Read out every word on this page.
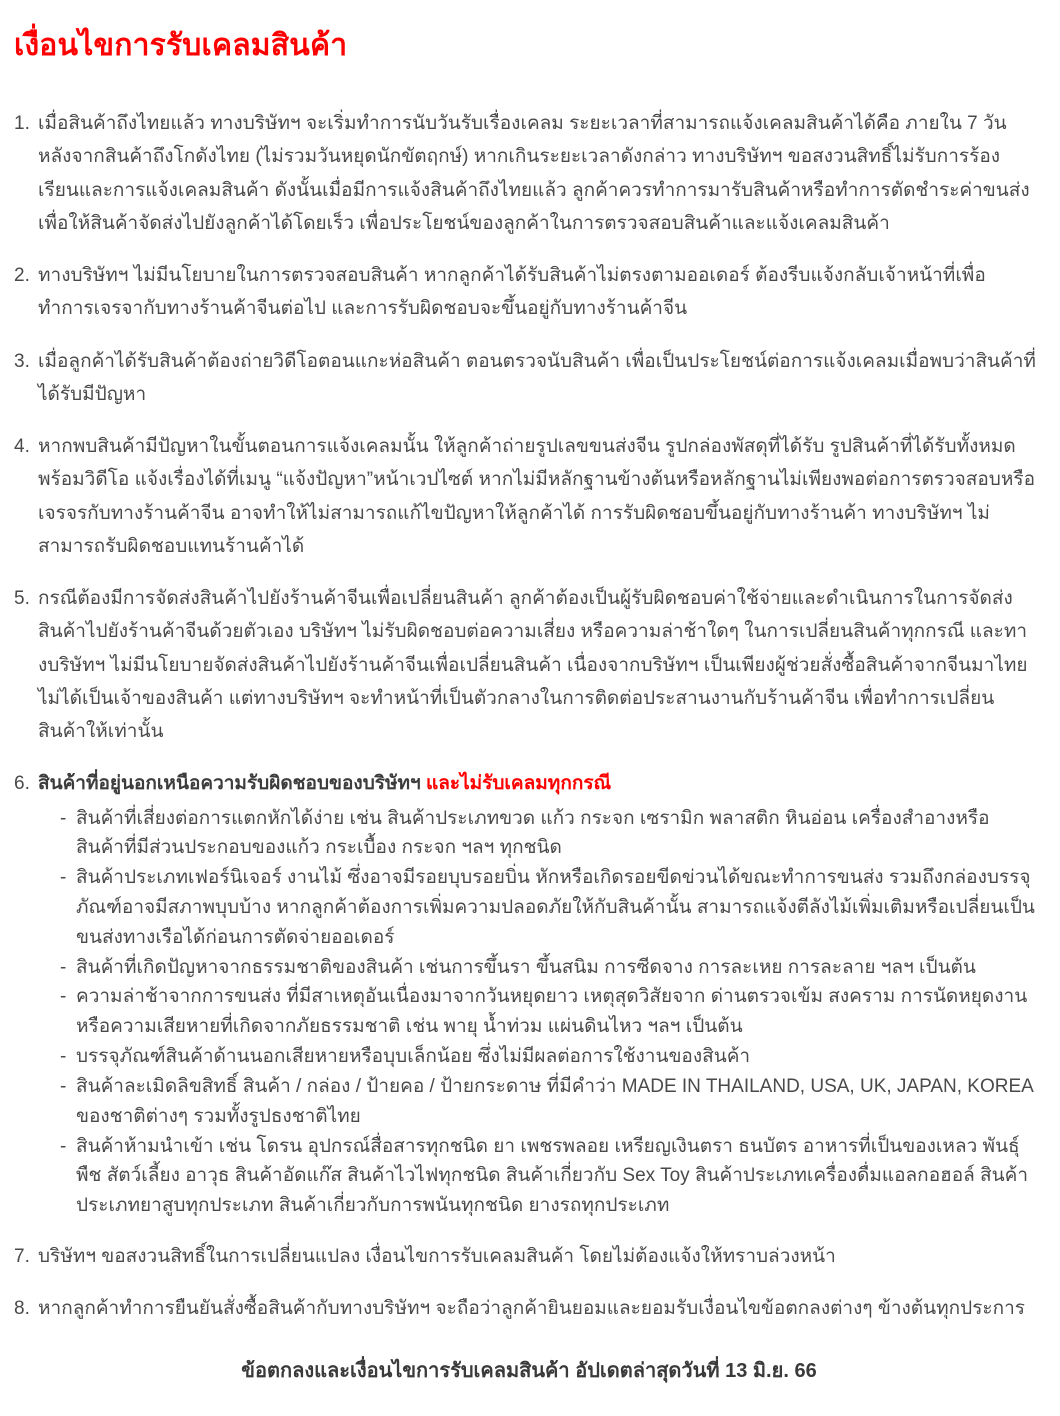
เงื่อนไขการรับเคลมสินค้า
1. เมื่อสินค้าถึงไทยแล้ว ทางบริษัทฯ จะเริ่มทำการนับวันรับเรื่องเคลม ระยะเวลาที่สามารถแจ้งเคลมสินค้าได้คือ ภายใน 7 วันหลังจากสินค้าถึงโกดังไทย (ไม่รวมวันหยุดนักขัตฤกษ์) หากเกินระยะเวลาดังกล่าว ทางบริษัทฯ ขอสงวนสิทธิ์ไม่รับการร้องเรียนและการแจ้งเคลมสินค้า ดังนั้นเมื่อมีการแจ้งสินค้าถึงไทยแล้ว ลูกค้าควรทำการมารับสินค้าหรือทำการตัดชำระค่าขนส่งเพื่อให้สินค้าจัดส่งไปยังลูกค้าได้โดยเร็ว เพื่อประโยชน์ของลูกค้าในการตรวจสอบสินค้าและแจ้งเคลมสินค้า
2. ทางบริษัทฯ ไม่มีนโยบายในการตรวจสอบสินค้า หากลูกค้าได้รับสินค้าไม่ตรงตามออเดอร์ ต้องรีบแจ้งกลับเจ้าหน้าที่เพื่อทำการเจรจากับทางร้านค้าจีนต่อไป และการรับผิดชอบจะขึ้นอยู่กับทางร้านค้าจีน
3. เมื่อลูกค้าได้รับสินค้าต้องถ่ายวิดีโอตอนแกะห่อสินค้า ตอนตรวจนับสินค้า เพื่อเป็นประโยชน์ต่อการแจ้งเคลมเมื่อพบว่าสินค้าที่ได้รับมีปัญหา
4. หากพบสินค้ามีปัญหาในขั้นตอนการแจ้งเคลมนั้น ให้ลูกค้าถ่ายรูปเลขขนส่งจีน รูปกล่องพัสดุที่ได้รับ รูปสินค้าที่ได้รับทั้งหมดพร้อมวิดีโอ แจ้งเรื่องได้ที่เมนู “แจ้งปัญหา”หน้าเวปไซต์ หากไม่มีหลักฐานข้างต้นหรือหลักฐานไม่เพียงพอต่อการตรวจสอบหรือเจรจรกับทางร้านค้าจีน อาจทำให้ไม่สามารถแก้ไขปัญหาให้ลูกค้าได้ การรับผิดชอบขึ้นอยู่กับทางร้านค้า ทางบริษัทฯ ไม่สามารถรับผิดชอบแทนร้านค้าได้
5. กรณีต้องมีการจัดส่งสินค้าไปยังร้านค้าจีนเพื่อเปลี่ยนสินค้า ลูกค้าต้องเป็นผู้รับผิดชอบค่าใช้จ่ายและดำเนินการในการจัดส่งสินค้าไปยังร้านค้าจีนด้วยตัวเอง บริษัทฯ ไม่รับผิดชอบต่อความเสี่ยง หรือความล่าช้าใดๆ ในการเปลี่ยนสินค้าทุกกรณี และทางบริษัทฯ ไม่มีนโยบายจัดส่งสินค้าไปยังร้านค้าจีนเพื่อเปลี่ยนสินค้า เนื่องจากบริษัทฯ เป็นเพียงผู้ช่วยสั่งซื้อสินค้าจากจีนมาไทย ไม่ได้เป็นเจ้าของสินค้า แต่ทางบริษัทฯ จะทำหน้าที่เป็นตัวกลางในการติดต่อประสานงานกับร้านค้าจีน เพื่อทำการเปลี่ยนสินค้าให้เท่านั้น
6. สินค้าที่อยู่นอกเหนือความรับผิดชอบของบริษัทฯ และไม่รับเคลมทุกกรณี
- สินค้าที่เสี่ยงต่อการแตกหักได้ง่าย เช่น สินค้าประเภทขวด แก้ว กระจก เซรามิก พลาสติก หินอ่อน เครื่องสำอางหรือสินค้าที่มีส่วนประกอบของแก้ว กระเบื้อง กระจก ฯลฯ ทุกชนิด
- สินค้าประเภทเฟอร์นิเจอร์ งานไม้ ซึ่งอาจมีรอยบุบรอยบิ่น หักหรือเกิดรอยขีดข่วนได้ขณะทำการขนส่ง รวมถึงกล่องบรรจุภัณฑ์อาจมีสภาพบุบบ้าง หากลูกค้าต้องการเพิ่มความปลอดภัยให้กับสินค้านั้น สามารถแจ้งตีลังไม้เพิ่มเติมหรือเปลี่ยนเป็นขนส่งทางเรือได้ก่อนการตัดจ่ายออเดอร์
- สินค้าที่เกิดปัญหาจากธรรมชาติของสินค้า เช่นการขึ้นรา ขึ้นสนิม การซีดจาง การละเหย การละลาย ฯลฯ เป็นต้น
- ความล่าช้าจากการขนส่ง ที่มีสาเหตุอันเนื่องมาจากวันหยุดยาว เหตุสุดวิสัยจาก ด่านตรวจเข้ม สงคราม การนัดหยุดงาน หรือความเสียหายที่เกิดจากภัยธรรมชาติ เช่น พายุ น้ำท่วม แผ่นดินไหว ฯลฯ เป็นต้น
- บรรจุภัณฑ์สินค้าด้านนอกเสียหายหรือบุบเล็กน้อย ซึ่งไม่มีผลต่อการใช้งานของสินค้า
- สินค้าละเมิดลิขสิทธิ์ สินค้า / กล่อง / ป้ายคอ / ป้ายกระดาษ ที่มีคำว่า MADE IN THAILAND, USA, UK, JAPAN, KOREA ของชาติต่างๆ รวมทั้งรูปธงชาติไทย
- สินค้าห้ามนำเข้า เช่น โดรน อุปกรณ์สื่อสารทุกชนิด ยา เพชรพลอย เหรียญเงินตรา ธนบัตร อาหารที่เป็นของเหลว พันธุ์พืช สัตว์เลี้ยง อาวุธ สินค้าอัดแก๊ส สินค้าไวไฟทุกชนิด สินค้าเกี่ยวกับ Sex Toy สินค้าประเภทเครื่องดื่มแอลกอฮอล์ สินค้าประเภทยาสูบทุกประเภท สินค้าเกี่ยวกับการพนันทุกชนิด ยางรถทุกประเภท
7. บริษัทฯ ขอสงวนสิทธิ์ในการเปลี่ยนแปลง เงื่อนไขการรับเคลมสินค้า โดยไม่ต้องแจ้งให้ทราบล่วงหน้า
8. หากลูกค้าทำการยืนยันสั่งซื้อสินค้ากับทางบริษัทฯ จะถือว่าลูกค้ายินยอมและยอมรับเงื่อนไขข้อตกลงต่างๆ ข้างต้นทุกประการ
ข้อตกลงและเงื่อนไขการรับเคลมสินค้า อัปเดตล่าสุดวันที่ 13 มิ.ย. 66
